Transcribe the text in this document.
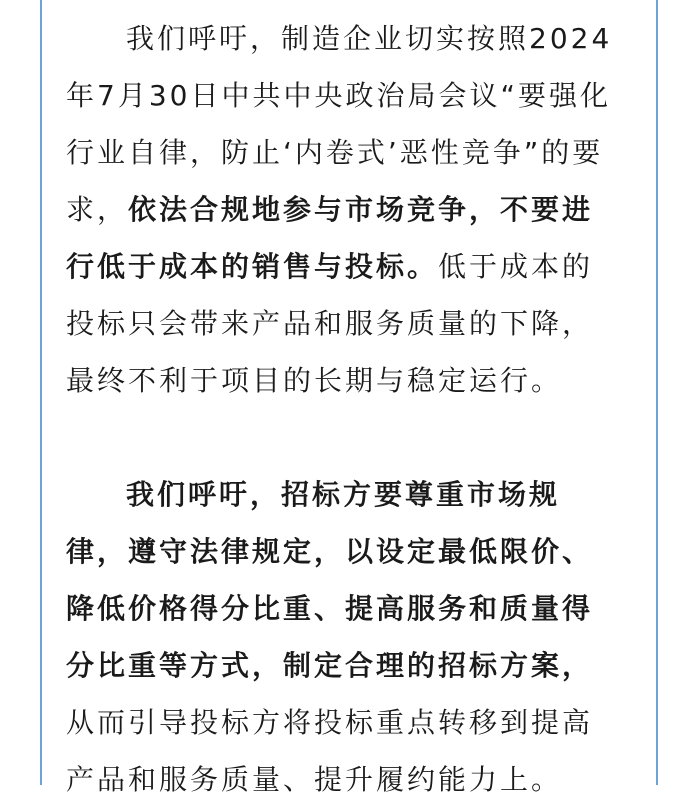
我们呼吁，制造企业切实按照2024
年7月30日中共中央政治局会议“要强化
行业自律，防止‘内卷式’恶性竞争”的要
求，依法合规地参与市场竞争，不要进
行低于成本的销售与投标。低于成本的
投标只会带来产品和服务质量的下降，
最终不利于项目的长期与稳定运行。
我们呼吁，招标方要尊重市场规
律，遵守法律规定，以设定最低限价、
降低价格得分比重、提高服务和质量得
分比重等方式，制定合理的招标方案，
从而引导投标方将投标重点转移到提高
产品和服务质量、提升履约能力上。
